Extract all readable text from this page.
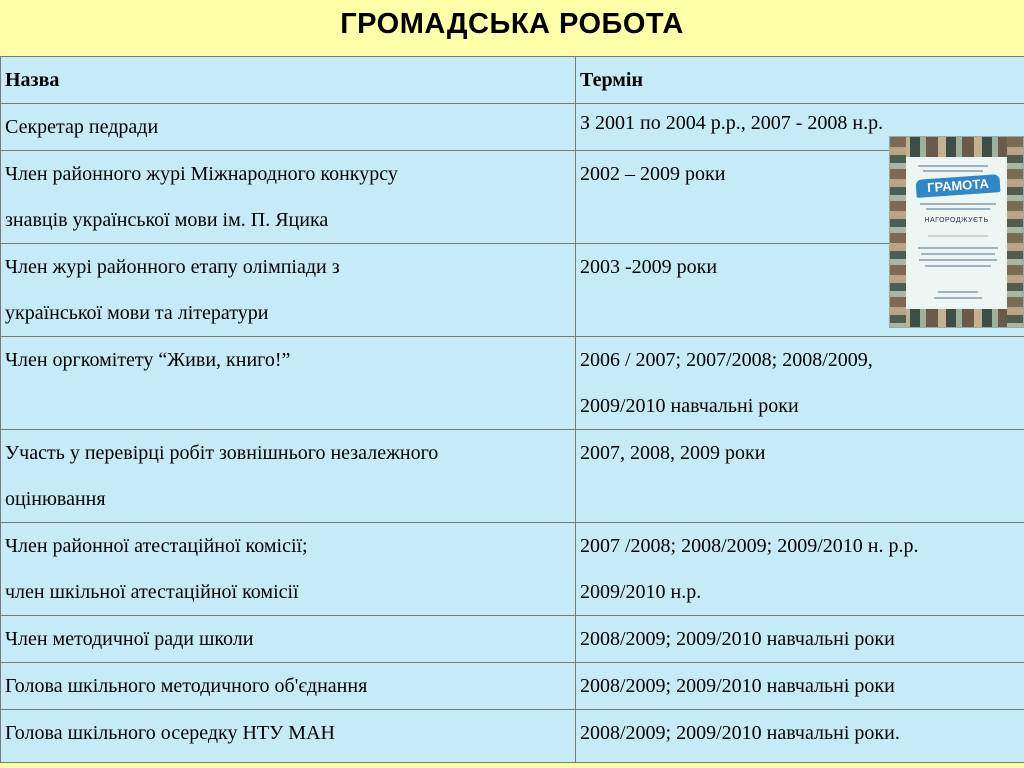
ГРОМАДСЬКА РОБОТА
Назва	Термін
Секретар педради	З 2001 по 2004 р.р., 2007 - 2008 н.р.
Член районного журі Міжнародного конкурсу
знавців української мови ім. П. Яцика	2002 – 2009 роки
Член журі районного етапу олімпіади з
української мови та літератури	2003 -2009 роки
Член оргкомітету “Живи, книго!”	2006 / 2007; 2007/2008; 2008/2009,
2009/2010 навчальні роки
Участь у перевірці робіт зовнішнього незалежного
оцінювання	2007, 2008, 2009 роки
Член районної атестаційної комісії;
член шкільної атестаційної комісії	2007 /2008; 2008/2009; 2009/2010 н. р.р.
2009/2010 н.р.
Член методичної ради школи	2008/2009; 2009/2010 навчальні роки
Голова шкільного методичного об'єднання	2008/2009; 2009/2010 навчальні роки
Голова шкільного осередку НТУ МАН	2008/2009; 2009/2010 навчальні роки.
ГРАМОТА
НАГОРОДЖУЄТЬ
